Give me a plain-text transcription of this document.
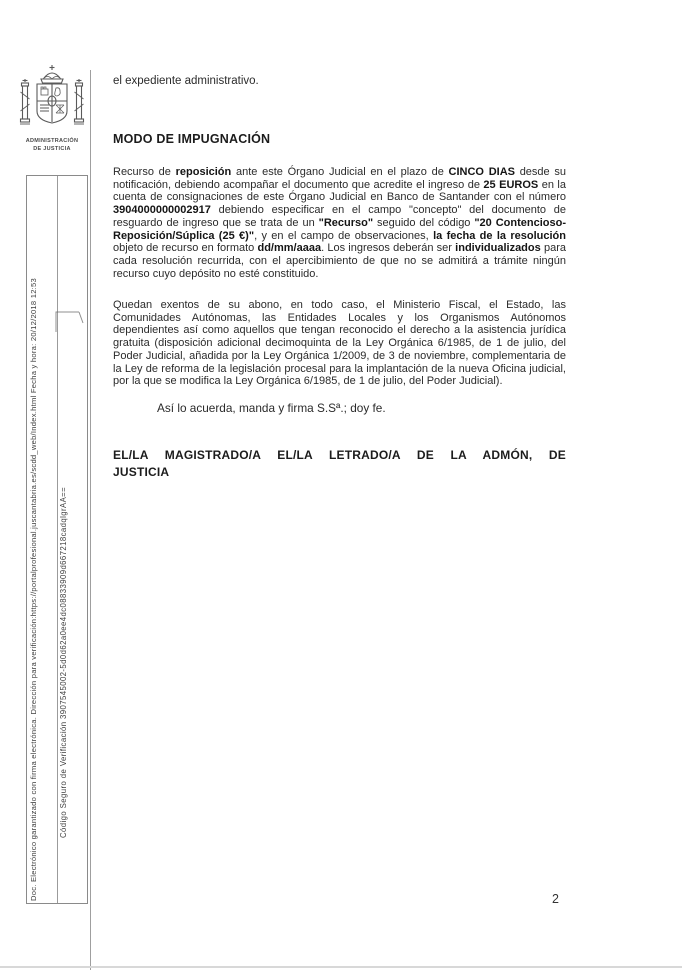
ADMINISTRACIÓN
DE JUSTICIA
Doc. Electrónico garantizado con firma electrónica. Dirección para verificación:https://portalprofesional.juscantabria.es/scdd_web/Index.html Fecha y hora: 20/12/2018 12:53	Código Seguro de Verificación 3907545002-5d0d62a0ee4dc08833909d667218cadqlgrAA==

el expediente administrativo.

MODO DE IMPUGNACIÓN

Recurso de reposición ante este Órgano Judicial en el plazo de CINCO DIAS desde su notificación, debiendo acompañar el documento que acredite el ingreso de 25 EUROS en la cuenta de consignaciones de este Órgano Judicial en Banco de Santander con el número 3904000000002917 debiendo especificar en el campo "concepto" del documento de resguardo de ingreso que se trata de un "Recurso" seguido del código "20 Contencioso-Reposición/Súplica (25 €)", y en el campo de observaciones, la fecha de la resolución objeto de recurso en formato dd/mm/aaaa. Los ingresos deberán ser individualizados para cada resolución recurrida, con el apercibimiento de que no se admitirá a trámite ningún recurso cuyo depósito no esté constituido.

Quedan exentos de su abono, en todo caso, el Ministerio Fiscal, el Estado, las Comunidades Autónomas, las Entidades Locales y los Organismos Autónomos dependientes así como aquellos que tengan reconocido el derecho a la asistencia jurídica gratuita (disposición adicional decimoquinta de la Ley Orgánica 6/1985, de 1 de julio, del Poder Judicial, añadida por la Ley Orgánica 1/2009, de 3 de noviembre, complementaria de la Ley de reforma de la legislación procesal para la implantación de la nueva Oficina judicial, por la que se modifica la Ley Orgánica 6/1985, de 1 de julio, del Poder Judicial).

Así lo acuerda, manda y firma S.Sª.; doy fe.

EL/LA MAGISTRADO/A EL/LA LETRADO/A DE LA ADMÓN, DE
JUSTICIA
2
